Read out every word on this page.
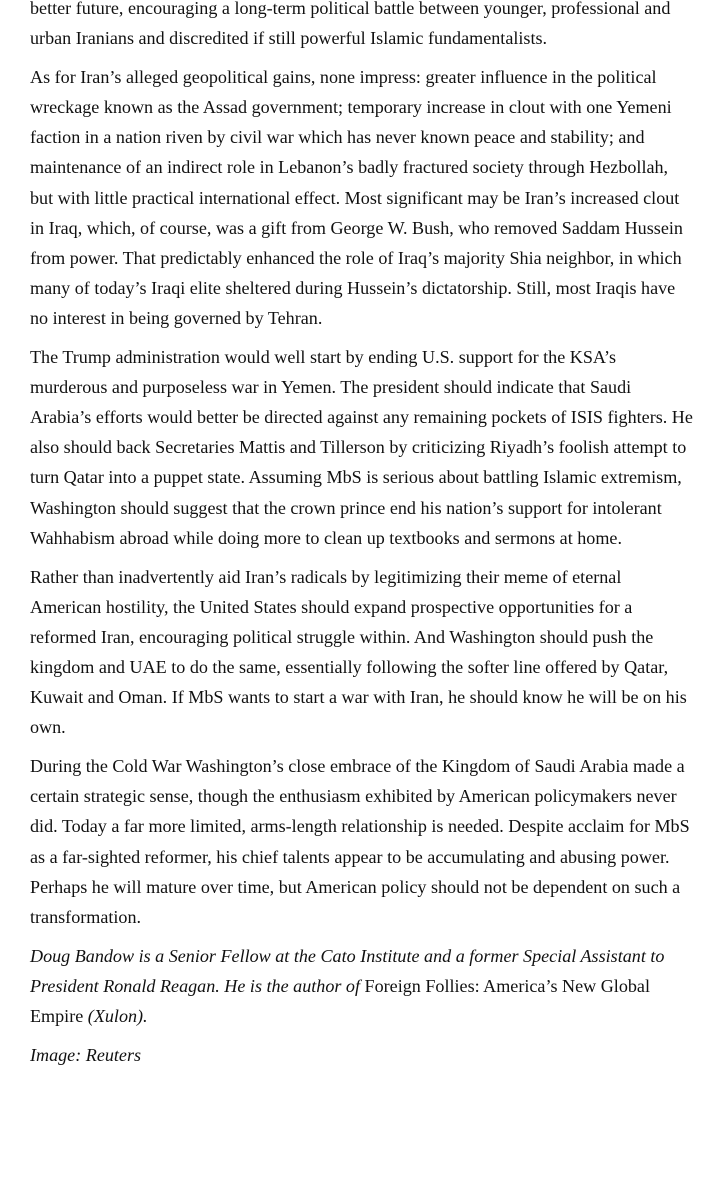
better future, encouraging a long-term political battle between younger, professional and urban Iranians and discredited if still powerful Islamic fundamentalists.

As for Iran’s alleged geopolitical gains, none impress: greater influence in the political wreckage known as the Assad government; temporary increase in clout with one Yemeni faction in a nation riven by civil war which has never known peace and stability; and maintenance of an indirect role in Lebanon’s badly fractured society through Hezbollah, but with little practical international effect. Most significant may be Iran’s increased clout in Iraq, which, of course, was a gift from George W. Bush, who removed Saddam Hussein from power. That predictably enhanced the role of Iraq’s majority Shia neighbor, in which many of today’s Iraqi elite sheltered during Hussein’s dictatorship. Still, most Iraqis have no interest in being governed by Tehran.

The Trump administration would well start by ending U.S. support for the KSA’s murderous and purposeless war in Yemen. The president should indicate that Saudi Arabia’s efforts would better be directed against any remaining pockets of ISIS fighters. He also should back Secretaries Mattis and Tillerson by criticizing Riyadh’s foolish attempt to turn Qatar into a puppet state. Assuming MbS is serious about battling Islamic extremism, Washington should suggest that the crown prince end his nation’s support for intolerant Wahhabism abroad while doing more to clean up textbooks and sermons at home.

Rather than inadvertently aid Iran’s radicals by legitimizing their meme of eternal American hostility, the United States should expand prospective opportunities for a reformed Iran, encouraging political struggle within. And Washington should push the kingdom and UAE to do the same, essentially following the softer line offered by Qatar, Kuwait and Oman. If MbS wants to start a war with Iran, he should know he will be on his own.

During the Cold War Washington’s close embrace of the Kingdom of Saudi Arabia made a certain strategic sense, though the enthusiasm exhibited by American policymakers never did. Today a far more limited, arms-length relationship is needed. Despite acclaim for MbS as a far-sighted reformer, his chief talents appear to be accumulating and abusing power. Perhaps he will mature over time, but American policy should not be dependent on such a transformation.

Doug Bandow is a Senior Fellow at the Cato Institute and a former Special Assistant to President Ronald Reagan. He is the author of Foreign Follies: America’s New Global Empire (Xulon).

Image: Reuters
